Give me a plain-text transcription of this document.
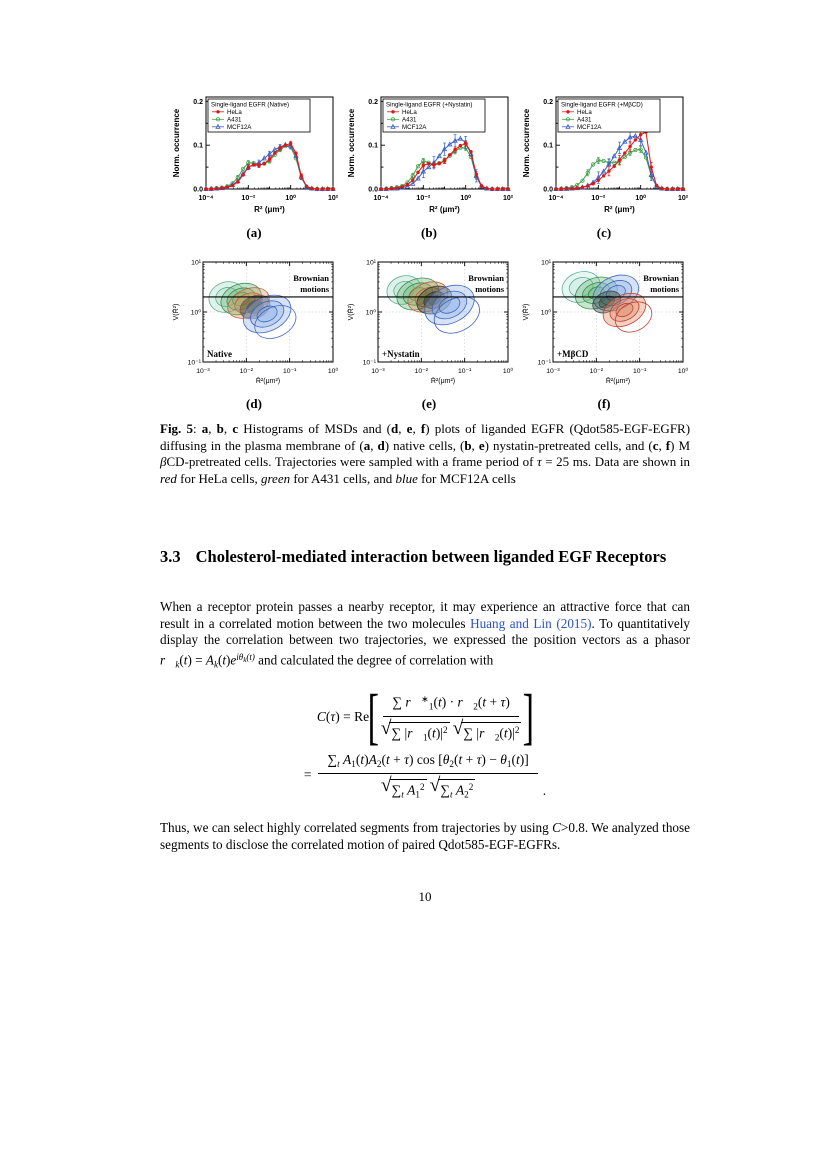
0.0
0.1
0.2
10⁻⁴	10⁻²	10⁰	10²
Single-ligand EGFR (Native)
HeLa
A431
MCF12A
Norm. occurrence
R² (μm²)
(a)
0.0
0.1
0.2
10⁻⁴	10⁻²	10⁰	10²
Single-ligand EGFR (+Nystatin)
HeLa
A431
MCF12A
Norm. occurrence
R² (μm²)
(b)
0.0
0.1
0.2
10⁻⁴	10⁻²	10⁰	10²
Single-ligand EGFR (+MβCD)
HeLa
A431
MCF12A
Norm. occurrence
R² (μm²)
(c)
10⁻³	10⁻²	10⁻¹	10⁰
10⁻¹
10⁰
10¹
Brownian
motions
Native
V(R̄²)
R̄²(μm²)
(d)
10⁻³	10⁻²	10⁻¹	10⁰
10⁻¹
10⁰
10¹
Brownian
motions
+Nystatin
V(R̄²)
R̄²(μm²)
(e)
10⁻³	10⁻²	10⁻¹	10⁰
10⁻¹
10⁰
10¹
Brownian
motions
+MβCD
V(R̄²)
R̄²(μm²)
(f)
Fig. 5: a, b, c Histograms of MSDs and (d, e, f) plots of liganded EGFR (Qdot585-EGF-EGFR) diffusing in the plasma membrane of (a, d) native cells, (b, e) nystatin-pretreated cells, and (c, f) M βCD-pretreated cells. Trajectories were sampled with a frame period of τ = 25 ms. Data are shown in red for HeLa cells, green for A431 cells, and blue for MCF12A cells
3.3 Cholesterol-mediated interaction between liganded EGF Receptors
When a receptor protein passes a nearby receptor, it may experience an attractive force that can result in a correlated motion between the two molecules Huang and Lin (2015). To quantitatively display the correlation between two trajectories, we expressed the position vectors as a phasor $r⃗_k(t) = A_k(t)e^{i\theta}k^{(t)}$ and calculated the degree of correlation with
C(τ) = Re
[ $\frac{\sum r⃗^∗_1(t) \cdot r⃗_2(t + \tau)}{√ \sum |r⃗_1(t)|^2 √ \sum |r⃗_2(t)|^2}$ ]
= $\frac{\sum_t A_1(t)A_2(t + \tau) \cos [\theta_2(t + \tau) - \theta_1(t)]}{√ \sum_t A_1^2 √ \sum_t A_2^2}$ .
Thus, we can select highly correlated segments from trajectories by using C>0.8. We analyzed those segments to disclose the correlated motion of paired Qdot585-EGF-EGFRs.
10
